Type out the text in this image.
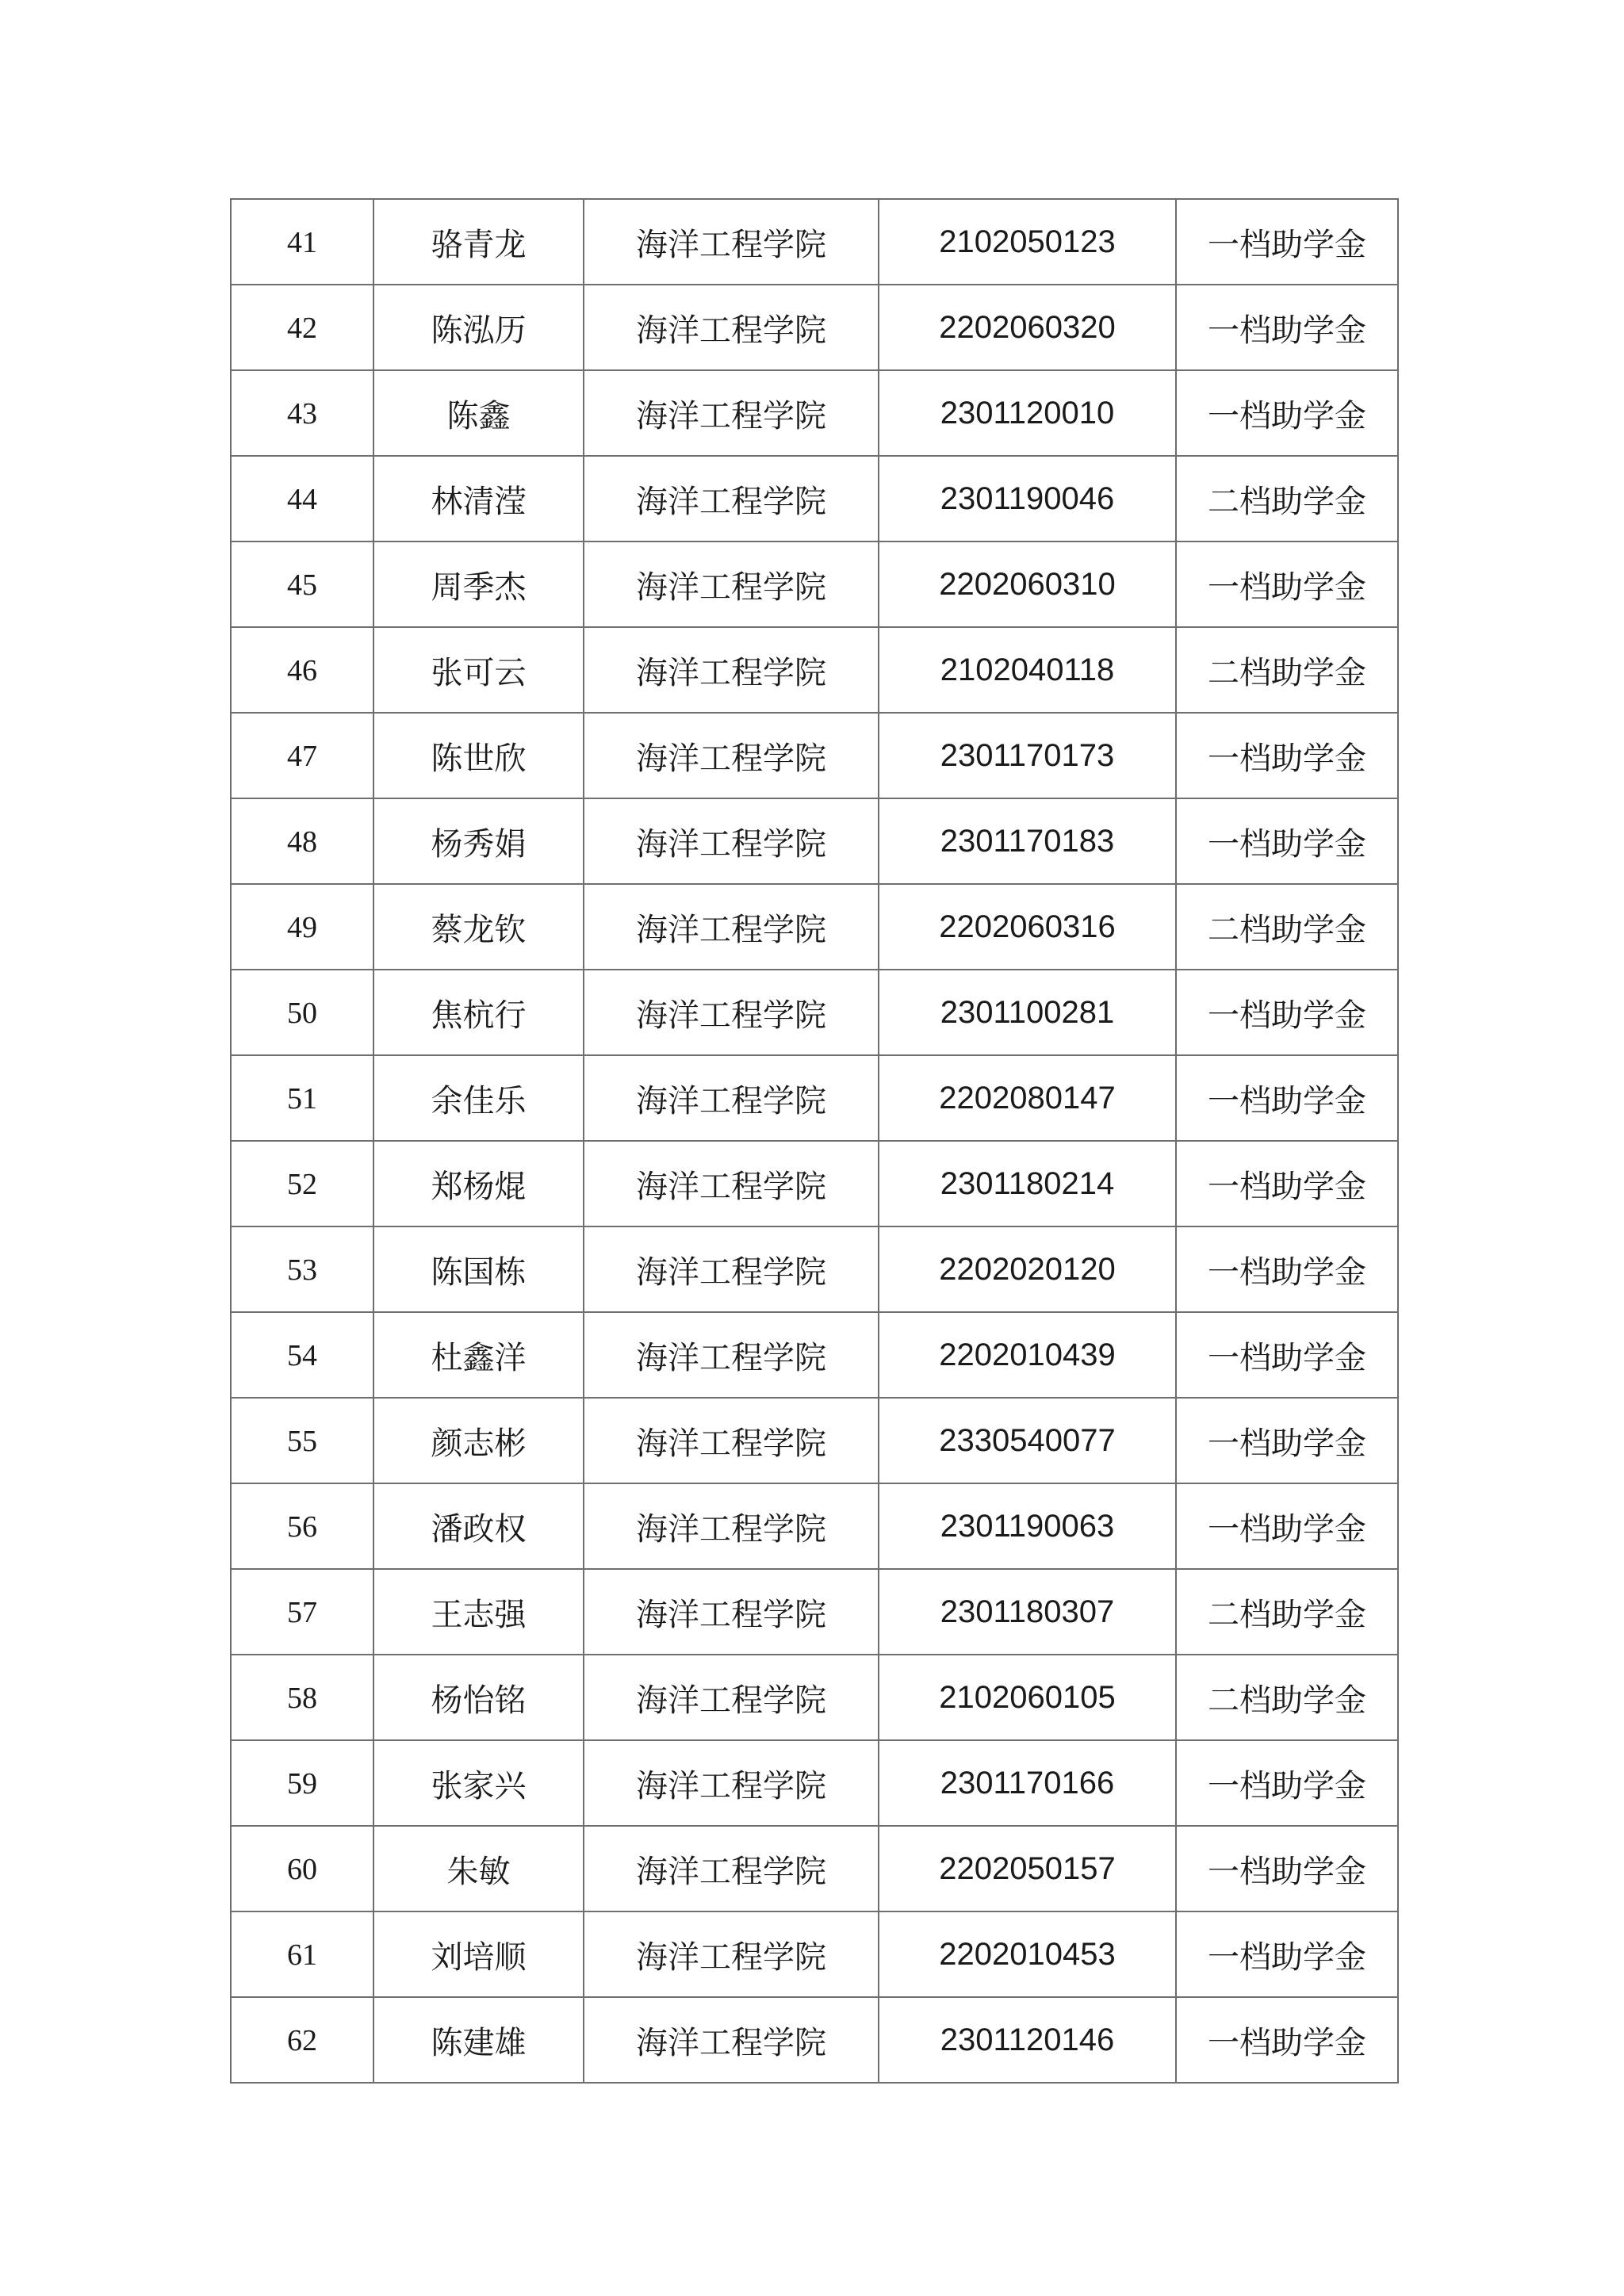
41	骆青龙	海洋工程学院	2102050123	一档助学金
42	陈泓历	海洋工程学院	2202060320	一档助学金
43	陈鑫	海洋工程学院	2301120010	一档助学金
44	林清滢	海洋工程学院	2301190046	二档助学金
45	周季杰	海洋工程学院	2202060310	一档助学金
46	张可云	海洋工程学院	2102040118	二档助学金
47	陈世欣	海洋工程学院	2301170173	一档助学金
48	杨秀娟	海洋工程学院	2301170183	一档助学金
49	蔡龙钦	海洋工程学院	2202060316	二档助学金
50	焦杭行	海洋工程学院	2301100281	一档助学金
51	余佳乐	海洋工程学院	2202080147	一档助学金
52	郑杨焜	海洋工程学院	2301180214	一档助学金
53	陈国栋	海洋工程学院	2202020120	一档助学金
54	杜鑫洋	海洋工程学院	2202010439	一档助学金
55	颜志彬	海洋工程学院	2330540077	一档助学金
56	潘政权	海洋工程学院	2301190063	一档助学金
57	王志强	海洋工程学院	2301180307	二档助学金
58	杨怡铭	海洋工程学院	2102060105	二档助学金
59	张家兴	海洋工程学院	2301170166	一档助学金
60	朱敏	海洋工程学院	2202050157	一档助学金
61	刘培顺	海洋工程学院	2202010453	一档助学金
62	陈建雄	海洋工程学院	2301120146	一档助学金
